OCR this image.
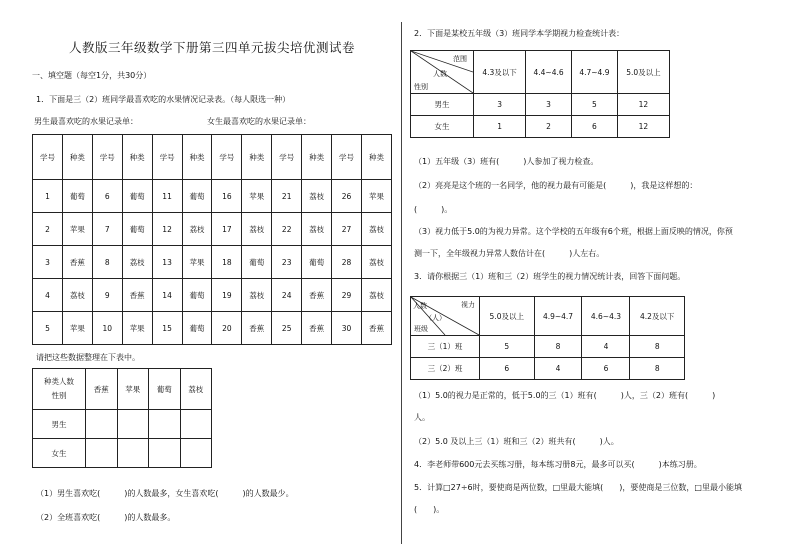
人教版三年级数学下册第三四单元拔尖培优测试卷
一、填空题（每空1分，共30分）
1．下面是三（2）班同学最喜欢吃的水果情况记录表。（每人限选一种）
男生最喜欢吃的水果记录单：	女生最喜欢吃的水果记录单：
学号	种类	学号	种类	学号	种类	学号	种类	学号	种类	学号	种类
1	葡萄	6	葡萄	11	葡萄	16	苹果	21	荔枝	26	苹果
2	苹果	7	葡萄	12	荔枝	17	荔枝	22	荔枝	27	荔枝
3	香蕉	8	荔枝	13	苹果	18	葡萄	23	葡萄	28	荔枝
4	荔枝	9	香蕉	14	葡萄	19	荔枝	24	香蕉	29	荔枝
5	苹果	10	苹果	15	葡萄	20	香蕉	25	香蕉	30	香蕉
请把这些数据整理在下表中。
种类人数
性别	香蕉	苹果	葡萄	荔枝
男生				
女生				
（1）男生喜欢吃(　　　)的人数最多，女生喜欢吃(　　　)的人数最少。
（2）全班喜欢吃(　　　)的人数最多。
2．下面是某校五年级（3）班同学本学期视力检查统计表：
范围
人数
性别	4.3及以下	4.4~4.6	4.7~4.9	5.0及以上
男生	3	3	5	12
女生	1	2	6	12
（1）五年级（3）班有(　　　)人参加了视力检查。
（2）亮亮是这个班的一名同学，他的视力最有可能是(　　　)，我是这样想的：
(　　　)。
（3）视力低于5.0的为视力异常。这个学校的五年级有6个班，根据上面反映的情况，你预
测一下，全年级视力异常人数估计在(　　　)人左右。
3．请你根据三（1）班和三（2）班学生的视力情况统计表，回答下面问题。
人数 视力
（人）
班级	5.0及以上	4.9~4.7	4.6~4.3	4.2及以下
三（1）班	5	8	4	8
三（2）班	6	4	6	8
（1）5.0的视力是正常的，低于5.0的三（1）班有(　　　)人，三（2）班有(　　　)
人。
（2）5.0 及以上三（1）班和三（2）班共有(　　　)人。
4．李老师带600元去买练习册，每本练习册8元，最多可以买(　　　)本练习册。
5．计算□27÷6时，要使商是两位数，□里最大能填(　　)，要使商是三位数，□里最小能填
(　　)。
